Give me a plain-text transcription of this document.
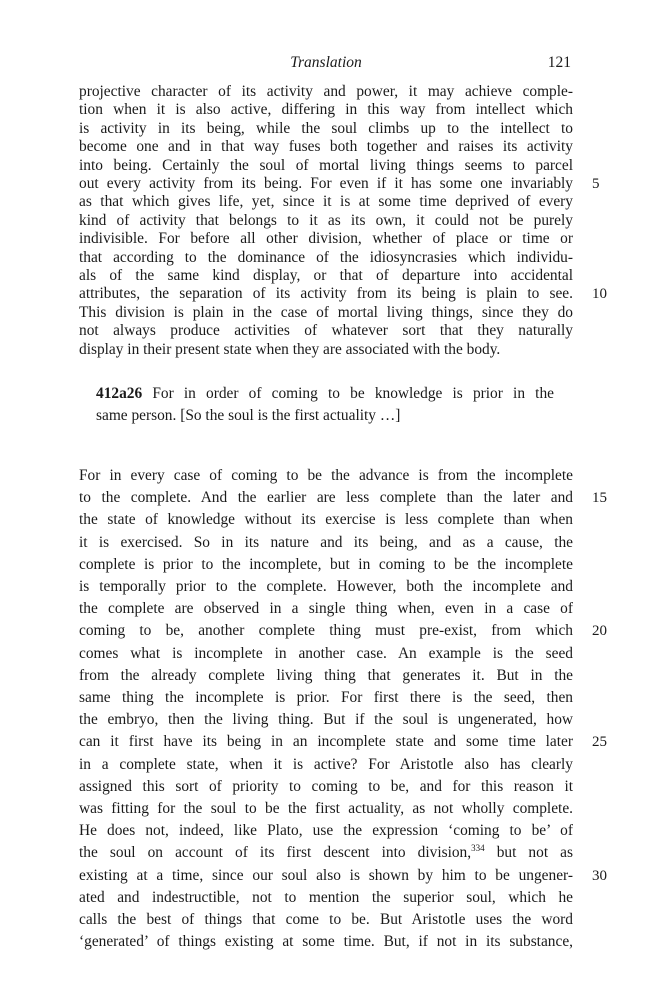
Translation	121
projective character of its activity and power, it may achieve comple-
tion when it is also active, differing in this way from intellect which
is activity in its being, while the soul climbs up to the intellect to
become one and in that way fuses both together and raises its activity
into being. Certainly the soul of mortal living things seems to parcel
out every activity from its being. For even if it has some one invariably
as that which gives life, yet, since it is at some time deprived of every
kind of activity that belongs to it as its own, it could not be purely
indivisible. For before all other division, whether of place or time or
that according to the dominance of the idiosyncrasies which individu-
als of the same kind display, or that of departure into accidental
attributes, the separation of its activity from its being is plain to see.
This division is plain in the case of mortal living things, since they do
not always produce activities of whatever sort that they naturally
display in their present state when they are associated with the body.
412a26 For in order of coming to be knowledge is prior in the
same person. [So the soul is the first actuality …]
For in every case of coming to be the advance is from the incomplete
to the complete. And the earlier are less complete than the later and
the state of knowledge without its exercise is less complete than when
it is exercised. So in its nature and its being, and as a cause, the
complete is prior to the incomplete, but in coming to be the incomplete
is temporally prior to the complete. However, both the incomplete and
the complete are observed in a single thing when, even in a case of
coming to be, another complete thing must pre-exist, from which
comes what is incomplete in another case. An example is the seed
from the already complete living thing that generates it. But in the
same thing the incomplete is prior. For first there is the seed, then
the embryo, then the living thing. But if the soul is ungenerated, how
can it first have its being in an incomplete state and some time later
in a complete state, when it is active? For Aristotle also has clearly
assigned this sort of priority to coming to be, and for this reason it
was fitting for the soul to be the first actuality, as not wholly complete.
He does not, indeed, like Plato, use the expression ‘coming to be’ of
the soul on account of its first descent into division,$^{334}$ but not as
existing at a time, since our soul also is shown by him to be ungener-
ated and indestructible, not to mention the superior soul, which he
calls the best of things that come to be. But Aristotle uses the word
‘generated’ of things existing at some time. But, if not in its substance,
5
10
15
20
25
30
